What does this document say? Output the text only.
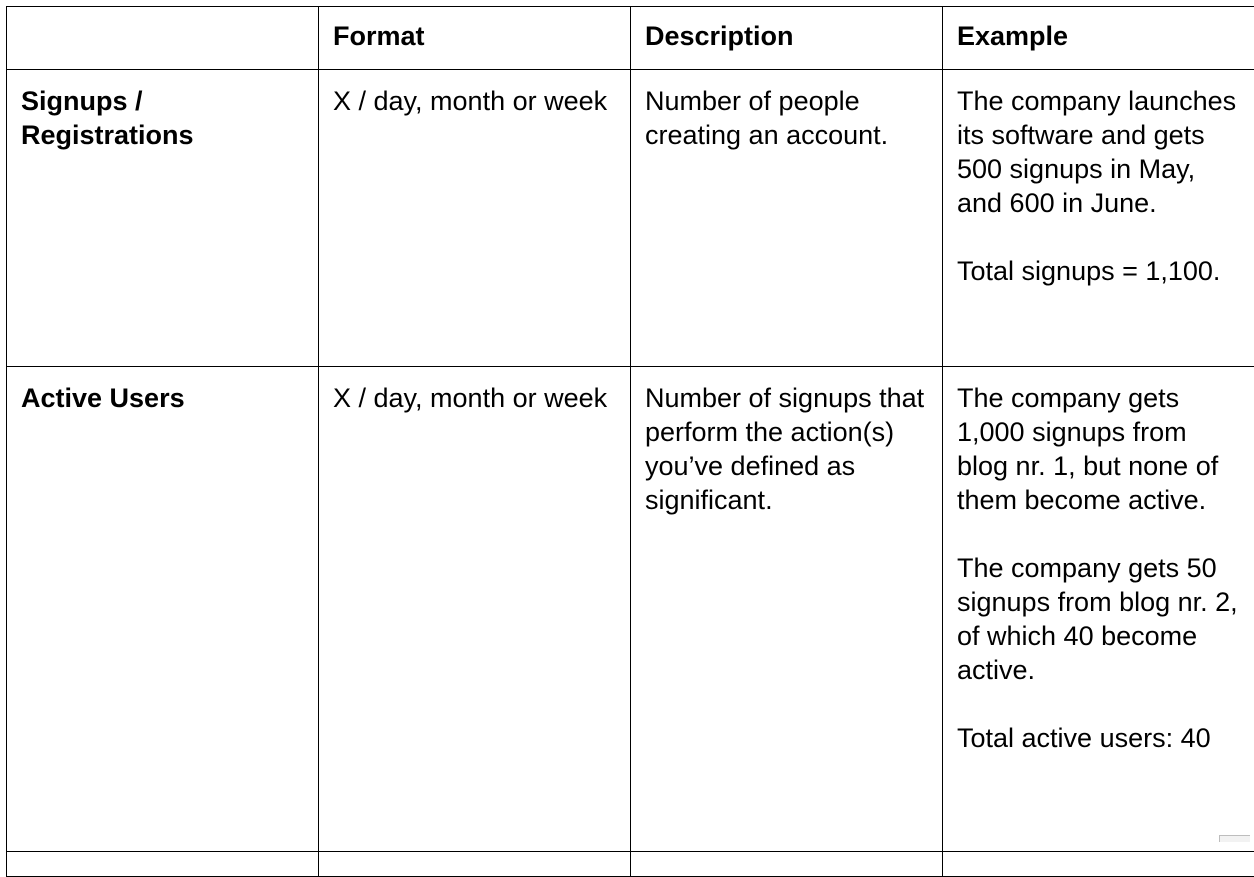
	Format	Description	Example
Signups / Registrations	X / day, month or week	Number of people creating an account.	The company launches its software and gets 500 signups in May, and 600 in June.

Total signups = 1,100.

Active Users	X / day, month or week	Number of signups that perform the action(s) you’ve defined as significant.	The company gets 1,000 signups from blog nr. 1, but none of them become active.

The company gets 50 signups from blog nr. 2, of which 40 become active.

Total active users: 40
